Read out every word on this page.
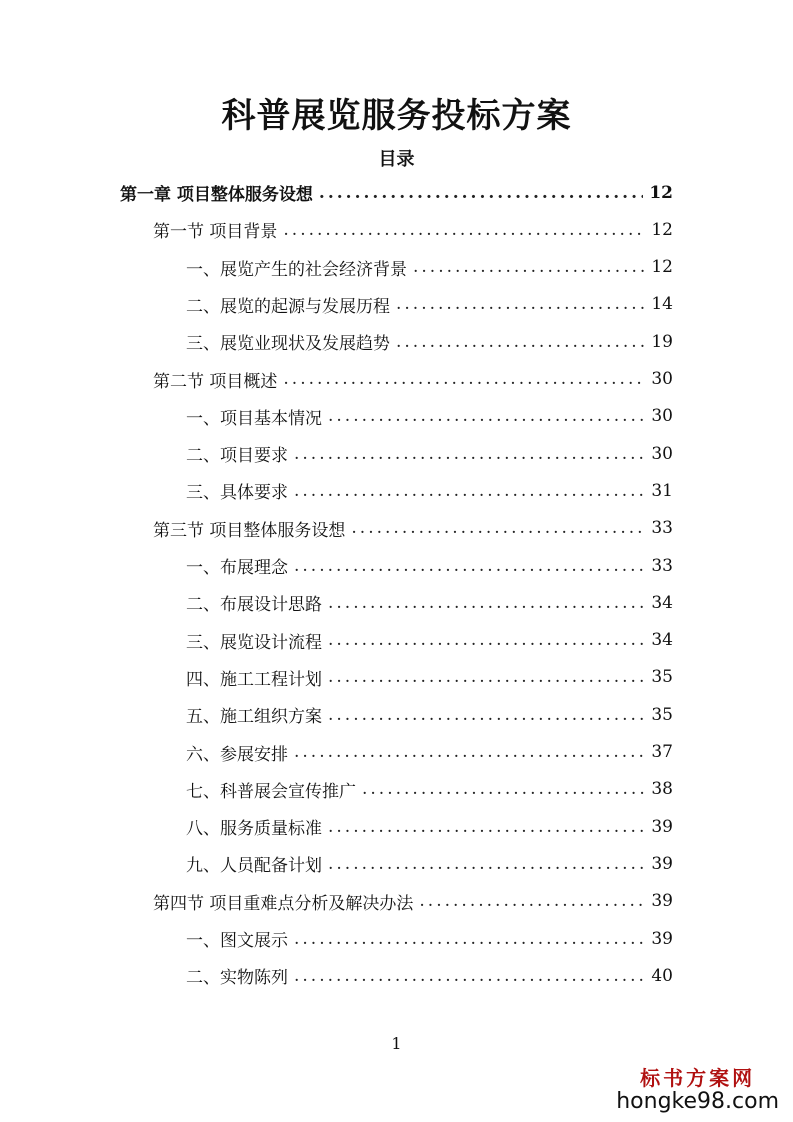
科普展览服务投标方案
目录
第一章 项目整体服务设想 .....	12
第一节 项目背景 .....	12
一、展览产生的社会经济背景 .....	12
二、展览的起源与发展历程 .....	14
三、展览业现状及发展趋势 .....	19
第二节 项目概述 .....	30
一、项目基本情况 .....	30
二、项目要求 .....	30
三、具体要求 .....	31
第三节 项目整体服务设想 .....	33
一、布展理念 .....	33
二、布展设计思路 .....	34
三、展览设计流程 .....	34
四、施工工程计划 .....	35
五、施工组织方案 .....	35
六、参展安排 .....	37
七、科普展会宣传推广 .....	38
八、服务质量标准 .....	39
九、人员配备计划 .....	39
第四节 项目重难点分析及解决办法 .....	39
一、图文展示 .....	39
二、实物陈列 .....	40
1
标书方案网
hongke98.com
